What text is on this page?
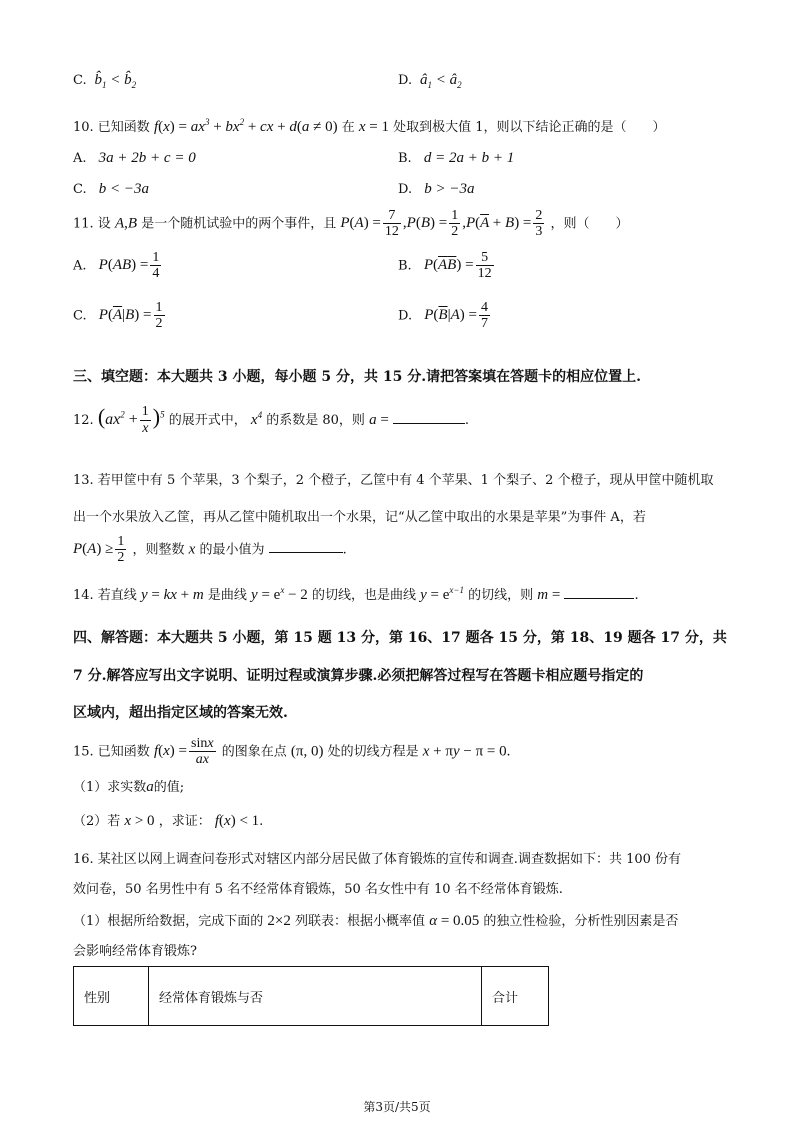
C.  $b̂_1$ < $b̂_2$	D.  $â_1$ < $â_2$
10. 已知函数 $f(x) = ax^3 + bx^2$ + cx + d(a ≠ 0) 在 x = 1 处取到极大值 1，则以下结论正确的是（　　）
A. 3a + 2b + c = 0	B. d = 2a + b + 1
C. b < −3a	D. b > −3a
11. 设 A,B 是一个随机试验中的两个事件，且 $P(A) = \frac{7}{12} ,P(B) = \frac{1}{2} ,P(\overline{A} + B) = \frac{2}{3}$ ，则（　　）
A. $P(AB) = \frac{1}{4}$	B. $P(\overline{A}\overline{B}) = \frac{5}{12}$
C. $P(\overline{A}|B) = \frac{1}{2}$	D. $P(\overline{B}|A) = \frac{4}{7}$
三、填空题：本大题共 3 小题，每小题 5 分，共 15 分.请把答案填在答题卡的相应位置上.
12. $(ax^2 + \frac{1}{x} )^5$ 的展开式中， $x^4$ 的系数是 80，则 a =	.
13. 若甲筐中有 5 个苹果，3 个梨子，2 个橙子，乙筐中有 4 个苹果、1 个梨子、2 个橙子，现从甲筐中随机取
出一个水果放入乙筐，再从乙筐中随机取出一个水果，记“从乙筐中取出的水果是苹果”为事件 A，若
$P(A) \ge \frac{1}{2}$ ，则整数 x 的最小值为	.
14. 若直线 y = kx + m 是曲线 $y = e^x - 2$ 的切线，也是曲线 $y = e^{x-1}$ 的切线，则 m =	.
四、解答题：本大题共 5 小题，第 15 题 13 分，第 16、17 题各 15 分，第 18、19 题各 17 分，共
7 分.解答应写出文字说明、证明过程或演算步骤.必须把解答过程写在答题卡相应题号指定的
区域内，超出指定区域的答案无效.
15. 已知函数 $f(x) = \frac{\sin x}{ax}$ 的图象在点 (π, 0) 处的切线方程是 x + πy − π = 0.
（1）求实数a的值;
（2）若 x > 0 ，求证： f(x) < 1.
16. 某社区以网上调查问卷形式对辖区内部分居民做了体育锻炼的宣传和调查.调查数据如下：共 100 份有
效问卷，50 名男性中有 5 名不经常体育锻炼，50 名女性中有 10 名不经常体育锻炼.
（1）根据所给数据，完成下面的 2×2 列联表：根据小概率值 α = 0.05 的独立性检验，分析性别因素是否
会影响经常体育锻炼?
性别	经常体育锻炼与否	合计
第3页/共5页
